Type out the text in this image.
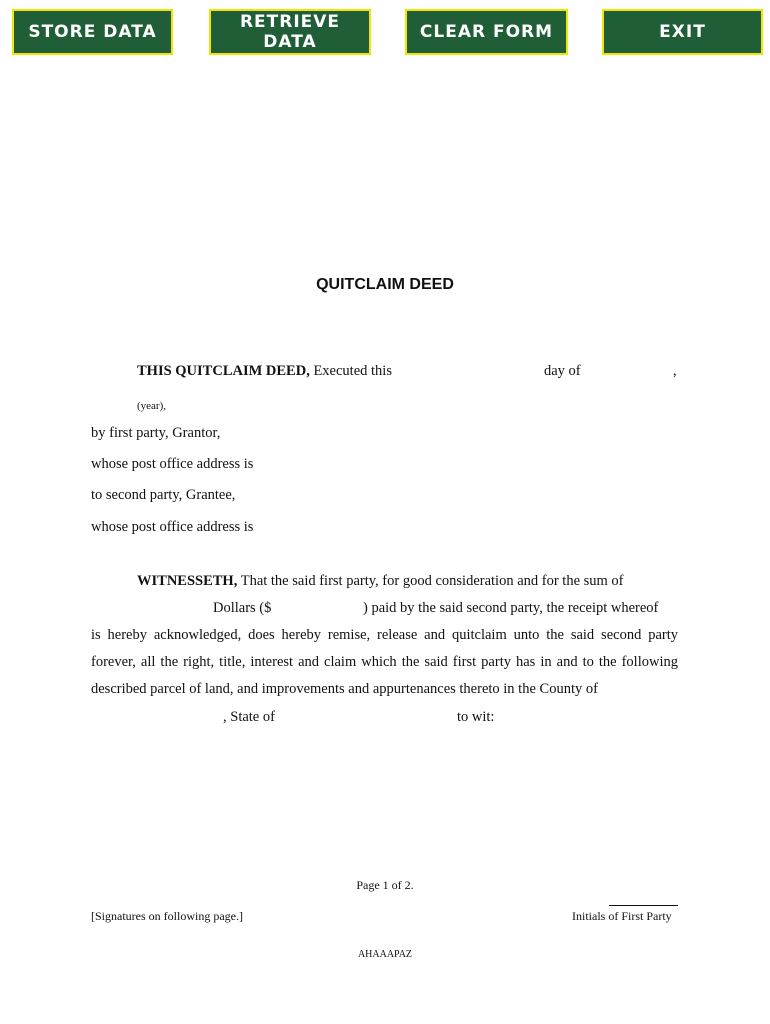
STORE DATA	RETRIEVE DATA	CLEAR FORM	EXIT
QUITCLAIM DEED
THIS QUITCLAIM DEED, Executed this	day of	,
(year),
by first party, Grantor,
whose post office address is
to second party, Grantee,
whose post office address is
WITNESSETH, That the said first party, for good consideration and for the sum of
Dollars ($	) paid by the said second party, the receipt whereof
is hereby acknowledged, does hereby remise, release and quitclaim unto the said second party
forever, all the right, title, interest and claim which the said first party has in and to the following
described parcel of land, and improvements and appurtenances thereto in the County of
, State of	to wit:
Page 1 of 2.
[Signatures on following page.]	Initials of First Party
AHAAAPAZ
